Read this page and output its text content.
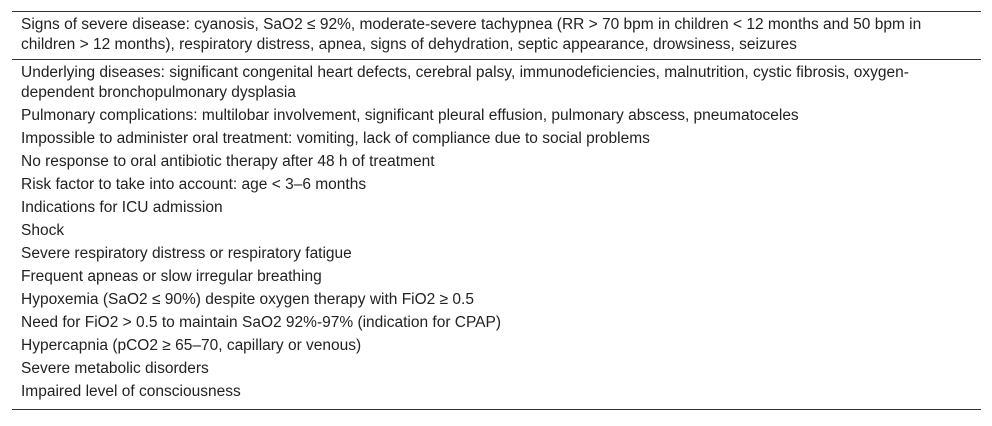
Signs of severe disease: cyanosis, SaO2 ≤ 92%, moderate-severe tachypnea (RR > 70 bpm in children < 12 months and 50 bpm in children > 12 months), respiratory distress, apnea, signs of dehydration, septic appearance, drowsiness, seizures
Underlying diseases: significant congenital heart defects, cerebral palsy, immunodeficiencies, malnutrition, cystic fibrosis, oxygen-dependent bronchopulmonary dysplasia
Pulmonary complications: multilobar involvement, significant pleural effusion, pulmonary abscess, pneumatoceles
Impossible to administer oral treatment: vomiting, lack of compliance due to social problems
No response to oral antibiotic therapy after 48 h of treatment
Risk factor to take into account: age < 3–6 months
Indications for ICU admission
Shock
Severe respiratory distress or respiratory fatigue
Frequent apneas or slow irregular breathing
Hypoxemia (SaO2 ≤ 90%) despite oxygen therapy with FiO2 ≥ 0.5
Need for FiO2 > 0.5 to maintain SaO2 92%-97% (indication for CPAP)
Hypercapnia (pCO2 ≥ 65–70, capillary or venous)
Severe metabolic disorders
Impaired level of consciousness
